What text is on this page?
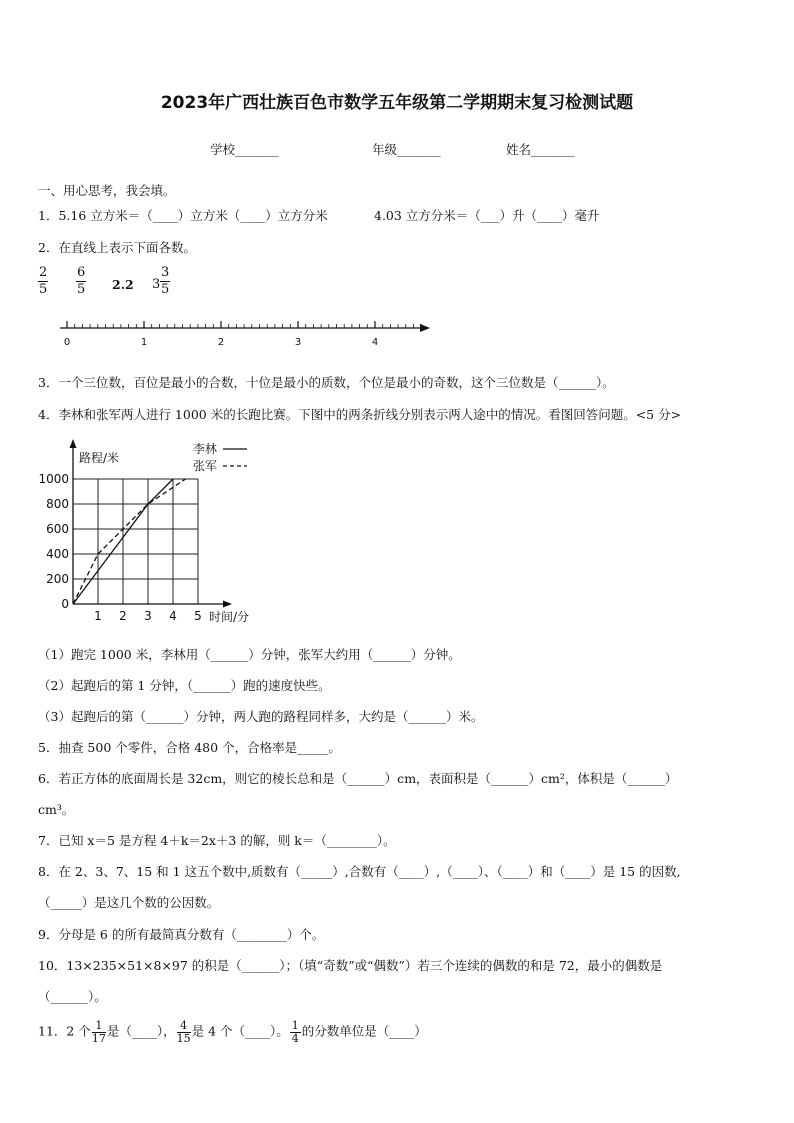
2023年广西壮族百色市数学五年级第二学期期末复习检测试题
学校_______	年级_______	姓名_______
一、用心思考，我会填。
1．5.16 立方米＝（____）立方米（____）立方分米	4.03 立方分米＝（___）升（____）毫升
2．在直线上表示下面各数。
$\frac{2}{5} \frac{6}{5} 2.2$ $3 \frac{3}{5}$
0	1	2	3	4
3．一个三位数，百位是最小的合数，十位是最小的质数，个位是最小的奇数，这个三位数是（______）。
4．李林和张军两人进行 1000 米的长跑比赛。下图中的两条折线分别表示两人途中的情况。看图回答问题。<5 分>
李林
张军
0
200
400
600
800
1000
1 2 3 4 5
路程/米
时间/分
（1）跑完 1000 米，李林用（______）分钟，张军大约用（______）分钟。
（2）起跑后的第 1 分钟，（______）跑的速度快些。
（3）起跑后的第（______）分钟，两人跑的路程同样多，大约是（______）米。
5．抽查 500 个零件，合格 480 个，合格率是_____。
6．若正方体的底面周长是 32cm，则它的棱长总和是（______）cm，表面积是（______）cm²，体积是（______）
cm³。
7．已知 x＝5 是方程 4＋k＝2x＋3 的解，则 k＝（________）。
8．在 2、3、7、15 和 1 这五个数中,质数有（_____）,合数有（____）,（____）、（____）和（____）是 15 的因数,
（_____）是这几个数的公因数。
9．分母是 6 的所有最简真分数有（________）个。
10．13×235×51×8×97 的积是（______）；（填“奇数”或“偶数”）若三个连续的偶数的和是 72，最小的偶数是
（______）。
11．2 个 $\frac{1}{17}$ 是（____）， $\frac{4}{15}$ 是 4 个（____）。 $\frac{1}{4}$ 的分数单位是（____）
